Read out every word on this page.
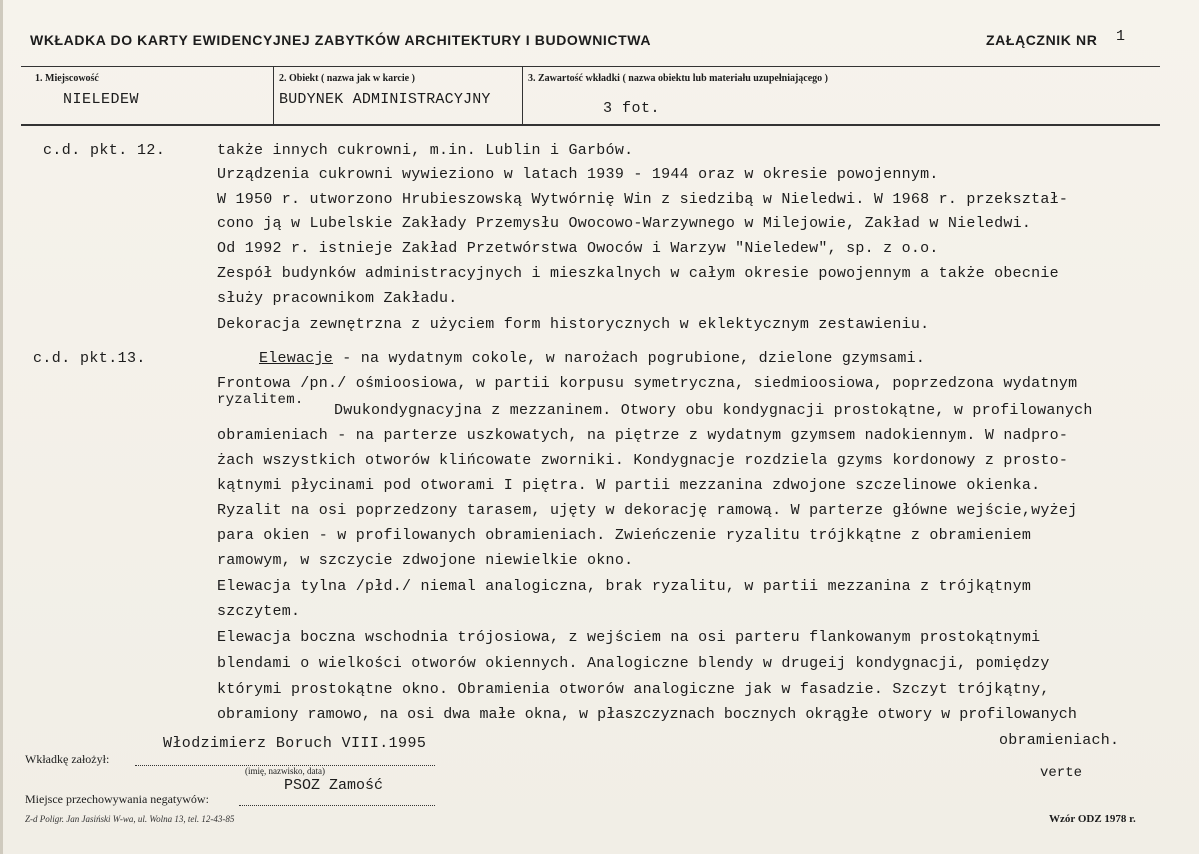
WKŁADKA DO KARTY EWIDENCYJNEJ ZABYTKÓW ARCHITEKTURY I BUDOWNICTWA	ZAŁĄCZNIK NR 1
1. Miejscowość
NIELEDEW
2. Obiekt ( nazwa jak w karcie )
BUDYNEK ADMINISTRACYJNY
3. Zawartość wkładki ( nazwa obiektu lub materiału uzupełniającego )
3 fot.
c.d. pkt. 12.	także innych cukrowni, m.in. Lublin i Garbów.
Urządzenia cukrowni wywieziono w latach 1939 - 1944 oraz w okresie powojennym.
W 1950 r. utworzono Hrubieszowską Wytwórnię Win z siedzibą w Nieledwi. W 1968 r. przekształ-
cono ją w Lubelskie Zakłady Przemysłu Owocowo-Warzywnego w Milejowie, Zakład w Nieledwi.
Od 1992 r. istnieje Zakład Przetwórstwa Owoców i Warzyw "Nieledew", sp. z o.o.
Zespół budynków administracyjnych i mieszkalnych w całym okresie powojennym a także obecnie
służy pracownikom Zakładu.
Dekoracja zewnętrzna z użyciem form historycznych w eklektycznym zestawieniu.
c.d. pkt.13.	Elewacje - na wydatnym cokole, w narożach pogrubione, dzielone gzymsami.
Frontowa /pn./ ośmioosiowa, w partii korpusu symetryczna, siedmioosiowa, poprzedzona wydatnym
ryzalitem.
Dwukondygnacyjna z mezzaninem. Otwory obu kondygnacji prostokątne, w profilowanych
obramieniach - na parterze uszkowatych, na piętrze z wydatnym gzymsem nadokiennym. W nadpro-
żach wszystkich otworów klińcowate zworniki. Kondygnacje rozdziela gzyms kordonowy z prosto-
kątnymi płycinami pod otworami I piętra. W partii mezzanina zdwojone szczelinowe okienka.
Ryzalit na osi poprzedzony tarasem, ujęty w dekorację ramową. W parterze główne wejście,wyżej
para okien - w profilowanych obramieniach. Zwieńczenie ryzalitu trójkkątne z obramieniem
ramowym, w szczycie zdwojone niewielkie okno.
Elewacja tylna /płd./ niemal analogiczna, brak ryzalitu, w partii mezzanina z trójkątnym
szczytem.
Elewacja boczna wschodnia trójosiowa, z wejściem na osi parteru flankowanym prostokątnymi
blendami o wielkości otworów okiennych. Analogiczne blendy w drugeij kondygnacji, pomiędzy
którymi prostokątne okno. Obramienia otworów analogiczne jak w fasadzie. Szczyt trójkątny,
obramiony ramowo, na osi dwa małe okna, w płaszczyznach bocznych okrągłe otwory w profilowanych
obramieniach.
Włodzimierz Boruch VIII.1995
Wkładkę założył:
(imię, nazwisko, data)	verte
PSOZ Zamość
Miejsce przechowywania negatywów:
Z-d Poligr. Jan Jasiński W-wa, ul. Wolna 13, tel. 12-43-85	Wzór ODZ 1978 r.
